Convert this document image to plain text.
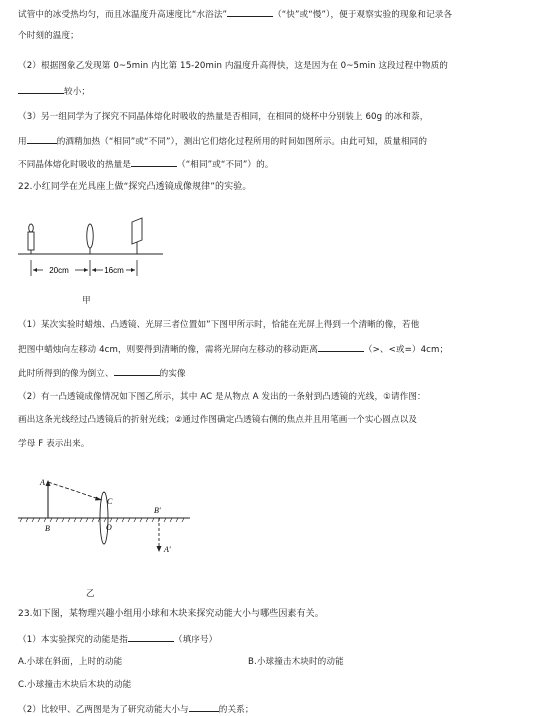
试管中的冰受热均匀，而且冰温度升高速度比“水浴法”	（“快”或“慢”），便于观察实验的现象和记录各
个时刻的温度；
（2）根据图象乙发现第 0~5min 内比第 15-20min 内温度升高得快，这是因为在 0~5min 这段过程中物质的
较小；
（3）另一组同学为了探究不同晶体熔化时吸收的热量是否相同，在相同的烧杯中分别装上 60g 的冰和萘，
用	的酒精加热（“相同”或“不同”），测出它们熔化过程所用的时间如图所示。由此可知，质量相同的
不同晶体熔化时吸收的热量是	（“相同”或“不同”）的。
22.小红同学在光具座上做“探究凸透镜成像规律”的实验。
20cm	16cm
甲
（1）某次实验时蜡烛、凸透镜、光屏三者位置如”下图甲所示时，恰能在光屏上得到一个清晰的像，若他
把图中蜡烛向左移动 4cm，则要得到清晰的像，需将光屏向左移动的移动距离	（>、<或=）4cm；
此时所得到的像为倒立、	的实像
（2）有一凸透镜成像情况如下图乙所示，其中 AC 是从物点 A 发出的一条射到凸透镜的光线，①请作图：
画出这条光线经过凸透镜后的折射光线；②通过作图确定凸透镜右侧的焦点并且用笔画一个实心圆点以及
学母 F 表示出来。
A
B
C
O
B'
A'
乙
23.如下图，某物理兴趣小组用小球和木块来探究动能大小与哪些因素有关。
（1）本实验探究的动能是指	（填序号）
A.小球在斜面，上时的动能	B.小球撞击木块时的动能
C.小球撞击木块后木块的动能
（2）比较甲、乙两图是为了研究动能大小与	的关系；
